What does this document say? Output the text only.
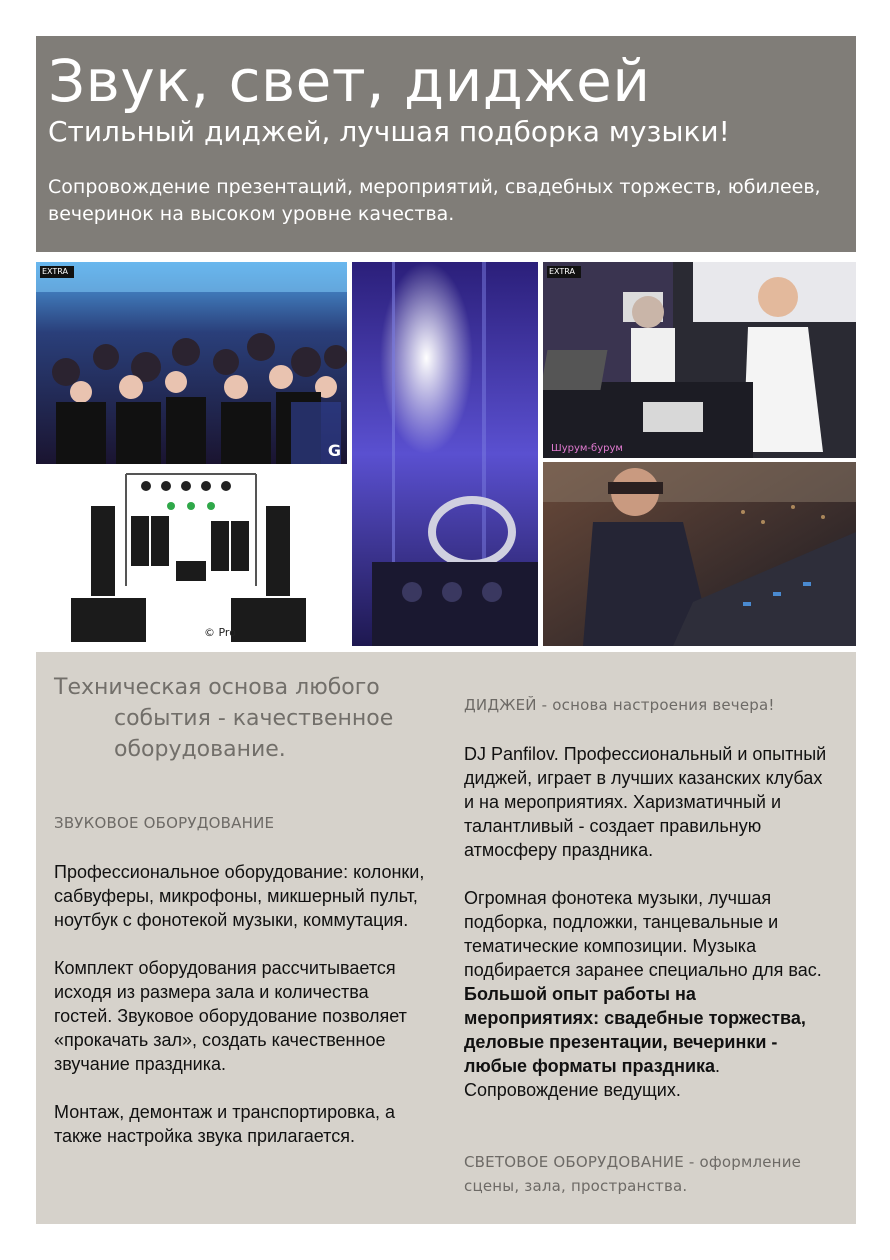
Звук, свет, диджей
Стильный диджей, лучшая подборка музыки!
Сопровождение презентаций, мероприятий, свадебных торжеств, юбилеев, вечеринок на высоком уровне качества.
EXTRA
G
EXTRA
Шурум-бурум
© Pro
Техническая основа любого
события - качественное
оборудование.
ЗВУКОВОЕ ОБОРУДОВАНИЕ

Профессиональное оборудование: колонки, сабвуферы, микрофоны, микшерный пульт, ноутбук с фонотекой музыки, коммутация.

Комплект оборудования рассчитывается исходя из размера зала и количества гостей. Звуковое оборудование позволяет «прокачать зал», создать качественное звучание праздника.

Монтаж, демонтаж и транспортировка, а также настройка звука прилагается.

ДИДЖЕЙ - основа настроения вечера!

DJ Panfilov. Профессиональный и опытный диджей, играет в лучших казанских клубах и на мероприятиях. Харизматичный и талантливый - создает правильную атмосферу праздника.

Огромная фонотека музыки, лучшая подборка, подложки, танцевальные и тематические композиции. Музыка подбирается заранее специально для вас. Большой опыт работы на мероприятиях: свадебные торжества, деловые презентации, вечеринки - любые форматы праздника. Сопровождение ведущих.

СВЕТОВОЕ ОБОРУДОВАНИЕ - оформление сцены, зала, пространства.
